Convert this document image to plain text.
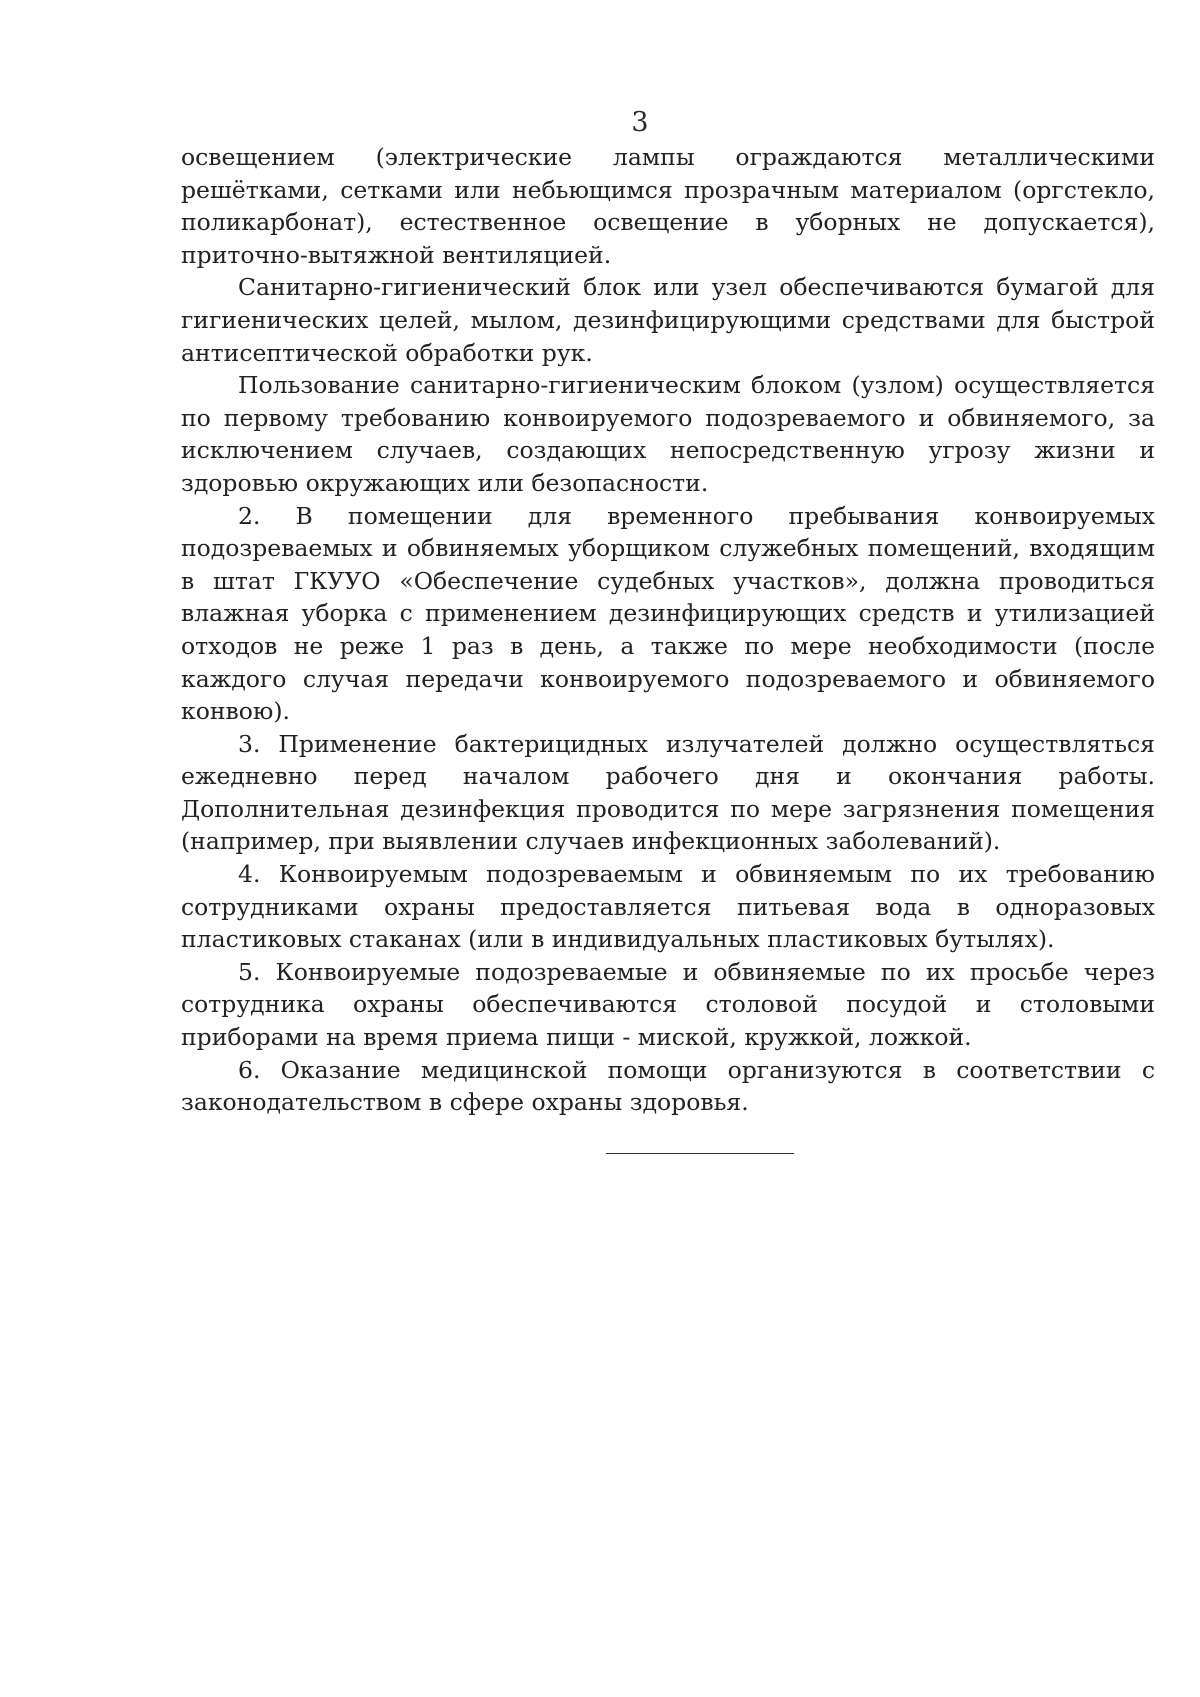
3

освещением (электрические лампы ограждаются металлическими решётками, сетками или небьющимся прозрачным материалом (оргстекло, поликарбонат), естественное освещение в уборных не допускается), приточно-вытяжной вентиляцией.

Санитарно-гигиенический блок или узел обеспечиваются бумагой для гигиенических целей, мылом, дезинфицирующими средствами для быстрой антисептической обработки рук.

Пользование санитарно-гигиеническим блоком (узлом) осуществляется по первому требованию конвоируемого подозреваемого и обвиняемого, за исключением случаев, создающих непосредственную угрозу жизни и здоровью окружающих или безопасности.

2. В помещении для временного пребывания конвоируемых подозреваемых и обвиняемых уборщиком служебных помещений, входящим в штат ГКУУО «Обеспечение судебных участков», должна проводиться влажная уборка с применением дезинфицирующих средств и утилизацией отходов не реже 1 раз в день, а также по мере необходимости (после каждого случая передачи конвоируемого подозреваемого и обвиняемого конвою).

3. Применение бактерицидных излучателей должно осуществляться ежедневно перед началом рабочего дня и окончания работы. Дополнительная дезинфекция проводится по мере загрязнения помещения (например, при выявлении случаев инфекционных заболеваний).

4. Конвоируемым подозреваемым и обвиняемым по их требованию сотрудниками охраны предоставляется питьевая вода в одноразовых пластиковых стаканах (или в индивидуальных пластиковых бутылях).

5. Конвоируемые подозреваемые и обвиняемые по их просьбе через сотрудника охраны обеспечиваются столовой посудой и столовыми приборами на время приема пищи - миской, кружкой, ложкой.

6. Оказание медицинской помощи организуются в соответствии с законодательством в сфере охраны здоровья.
